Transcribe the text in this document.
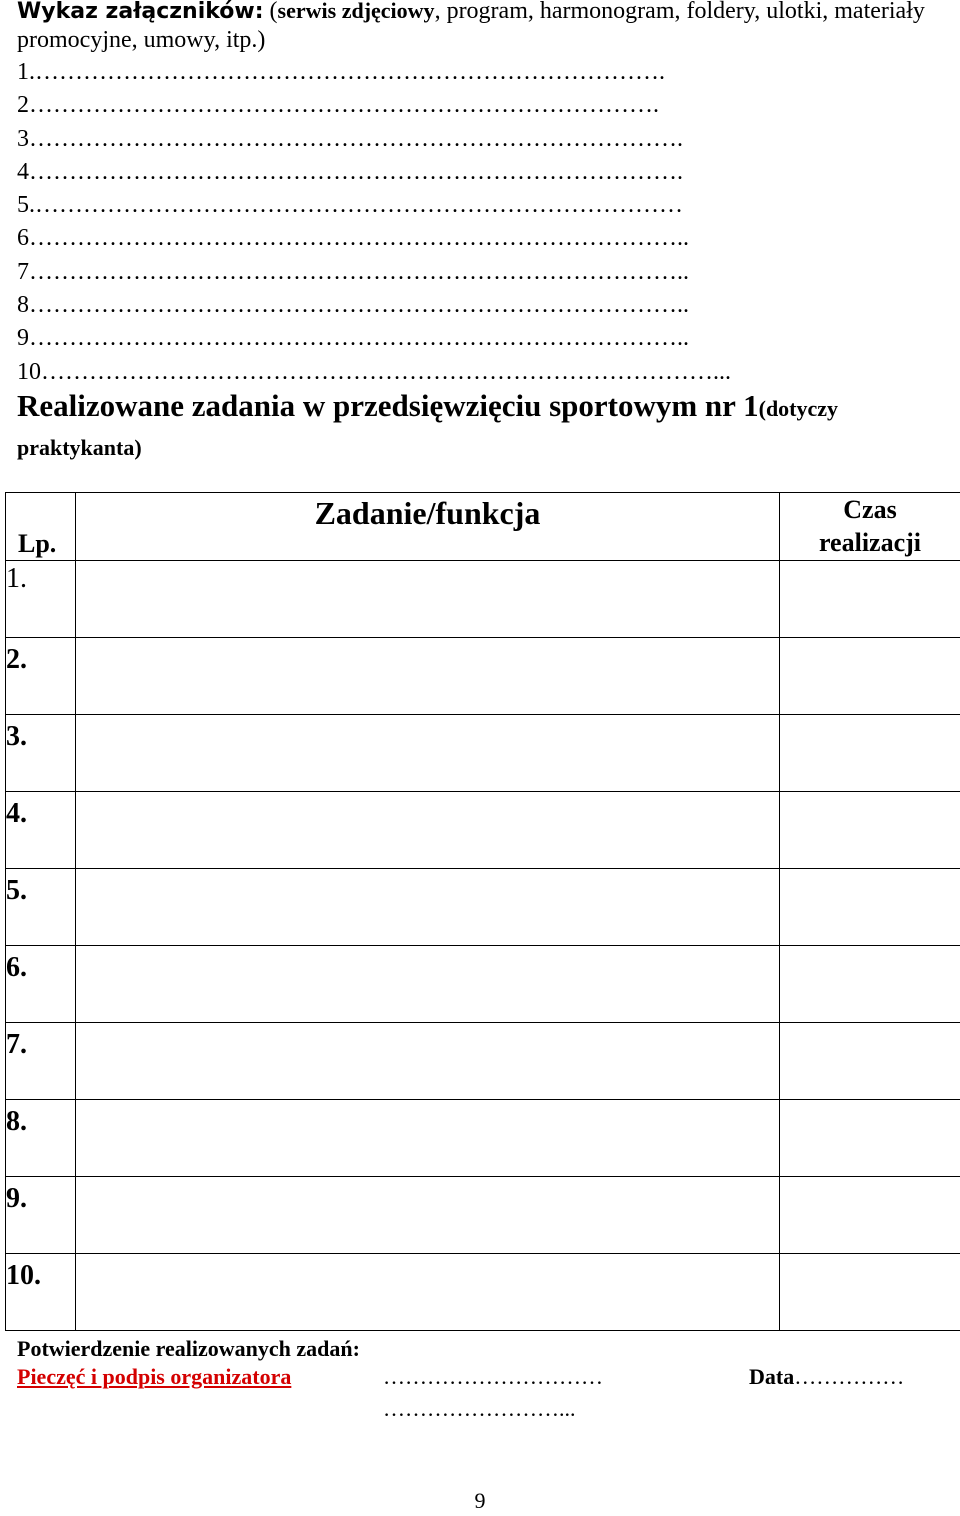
Wykaz załączników: (serwis zdjęciowy, program, harmonogram, foldery, ulotki, materiały promocyjne, umowy, itp.)
1.…………………………………………………………………….
2…………………………………………………………………….
3……………………………………………………………………….
4……………………………………………………………………….
5.………………………………………………………………………
6………………………………………………………………………..
7………………………………………………………………………..
8………………………………………………………………………..
9………………………………………………………………………..
10…………………………………………………………………………...
Realizowane zadania w przedsięwzięciu sportowym nr 1(dotyczy praktykanta)
Lp.	Zadanie/funkcja	Czas
realizacji

1.		

2.		

3.		

4.		

5.		

6.		

7.		

8.		

9.		

10.		

Potwierdzenie realizowanych zadań:
Pieczęć i podpis organizatora	…………………………
……………………...
Data……………
9
